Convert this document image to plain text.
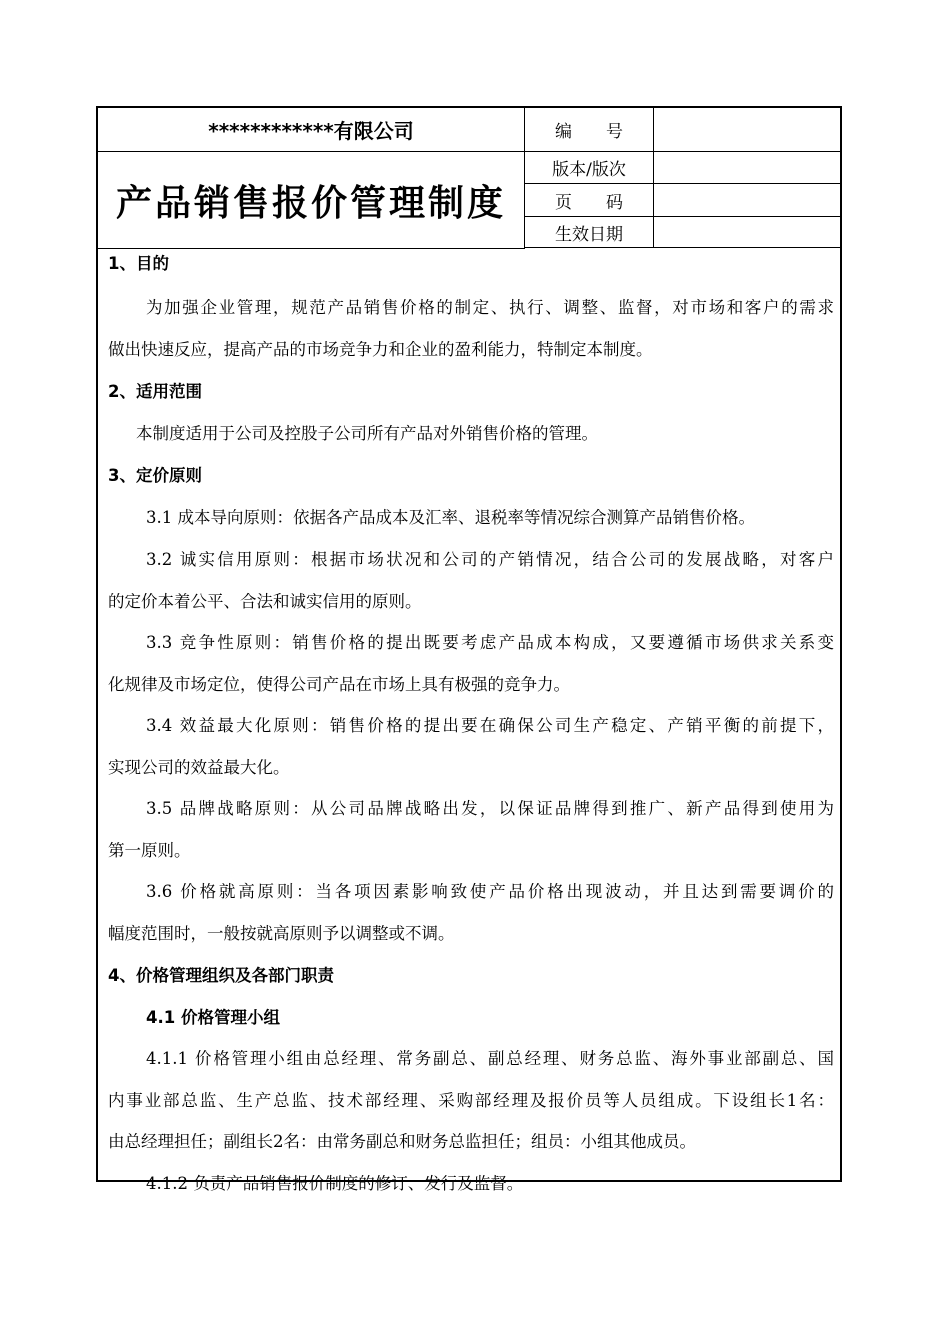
************有限公司
产品销售报价管理制度
编　　号
版本/版次
页　　码
生效日期
1、目的
为加强企业管理，规范产品销售价格的制定、执行、调整、监督，对市场和客户的需求
做出快速反应，提高产品的市场竞争力和企业的盈利能力，特制定本制度。
2、适用范围
本制度适用于公司及控股子公司所有产品对外销售价格的管理。
3、定价原则
3.1 成本导向原则：依据各产品成本及汇率、退税率等情况综合测算产品销售价格。
3.2 诚实信用原则：根据市场状况和公司的产销情况，结合公司的发展战略，对客户
的定价本着公平、合法和诚实信用的原则。
3.3 竞争性原则：销售价格的提出既要考虑产品成本构成，又要遵循市场供求关系变
化规律及市场定位，使得公司产品在市场上具有极强的竞争力。
3.4 效益最大化原则：销售价格的提出要在确保公司生产稳定、产销平衡的前提下，
实现公司的效益最大化。
3.5 品牌战略原则：从公司品牌战略出发，以保证品牌得到推广、新产品得到使用为
第一原则。
3.6 价格就高原则：当各项因素影响致使产品价格出现波动，并且达到需要调价的
幅度范围时，一般按就高原则予以调整或不调。
4、价格管理组织及各部门职责
4.1 价格管理小组
4.1.1 价格管理小组由总经理、常务副总、副总经理、财务总监、海外事业部副总、国
内事业部总监、生产总监、技术部经理、采购部经理及报价员等人员组成。下设组长1名：
由总经理担任；副组长2名：由常务副总和财务总监担任；组员：小组其他成员。
4.1.2 负责产品销售报价制度的修订、发行及监督。
